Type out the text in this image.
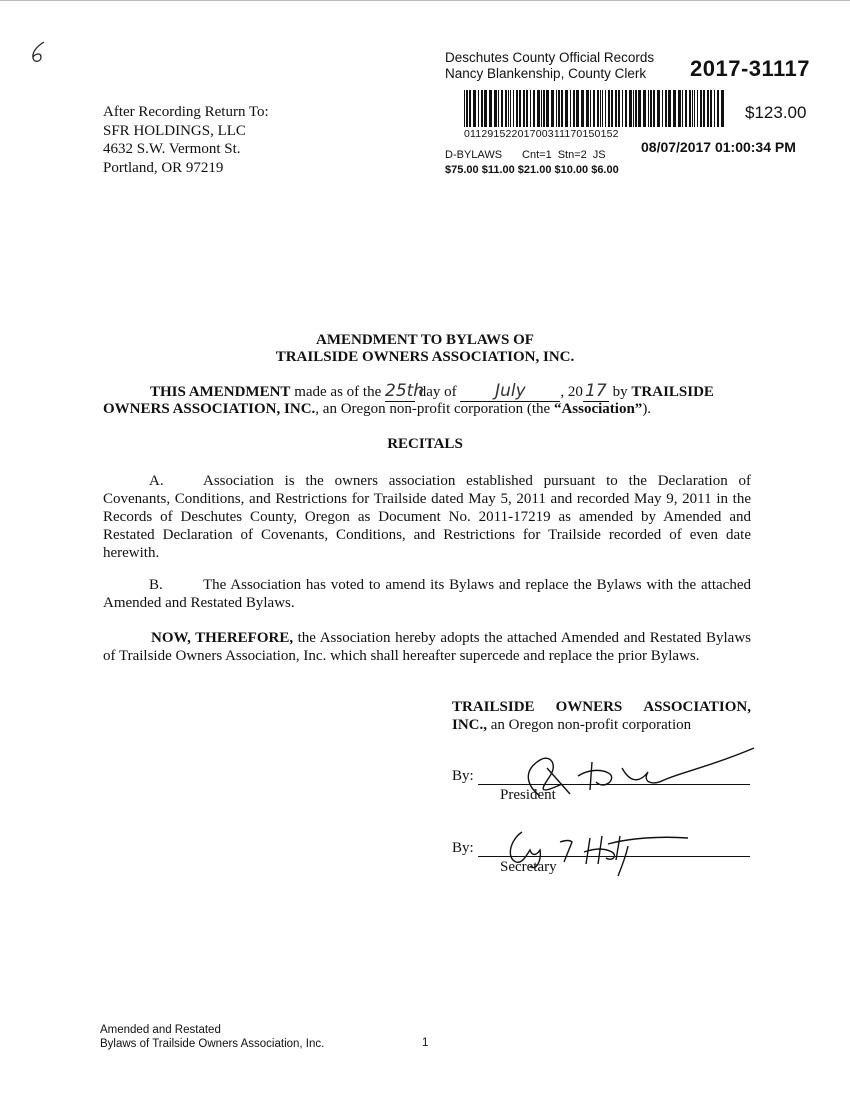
After Recording Return To:
SFR HOLDINGS, LLC
4632 S.W. Vermont St.
Portland, OR 97219
Deschutes County Official Records
Nancy Blankenship, County Clerk	2017-31117
01129152201700311170150152
$123.00
08/07/2017 01:00:34 PM
D-BYLAWS Cnt=1 Stn=2 JS
$75.00 $11.00 $21.00 $10.00 $6.00
AMENDMENT TO BYLAWS OF
TRAILSIDE OWNERS ASSOCIATION, INC.
THIS AMENDMENT made as of the 25th day of July , 20 17 by TRAILSIDE
OWNERS ASSOCIATION, INC., an Oregon non-profit corporation (the “Association”).
RECITALS
A.	Association is the owners association established pursuant to the Declaration of Covenants, Conditions, and Restrictions for Trailside dated May 5, 2011 and recorded May 9, 2011 in the Records of Deschutes County, Oregon as Document No. 2011-17219 as amended by Amended and Restated Declaration of Covenants, Conditions, and Restrictions for Trailside recorded of even date herewith.
B.	The Association has voted to amend its Bylaws and replace the Bylaws with the attached Amended and Restated Bylaws.
NOW, THEREFORE, the Association hereby adopts the attached Amended and Restated Bylaws of Trailside Owners Association, Inc. which shall hereafter supercede and replace the prior Bylaws.
TRAILSIDE OWNERS ASSOCIATION,
INC., an Oregon non-profit corporation
By:
President
By:
Secretary
Amended and Restated
Bylaws of Trailside Owners Association, Inc.	1
